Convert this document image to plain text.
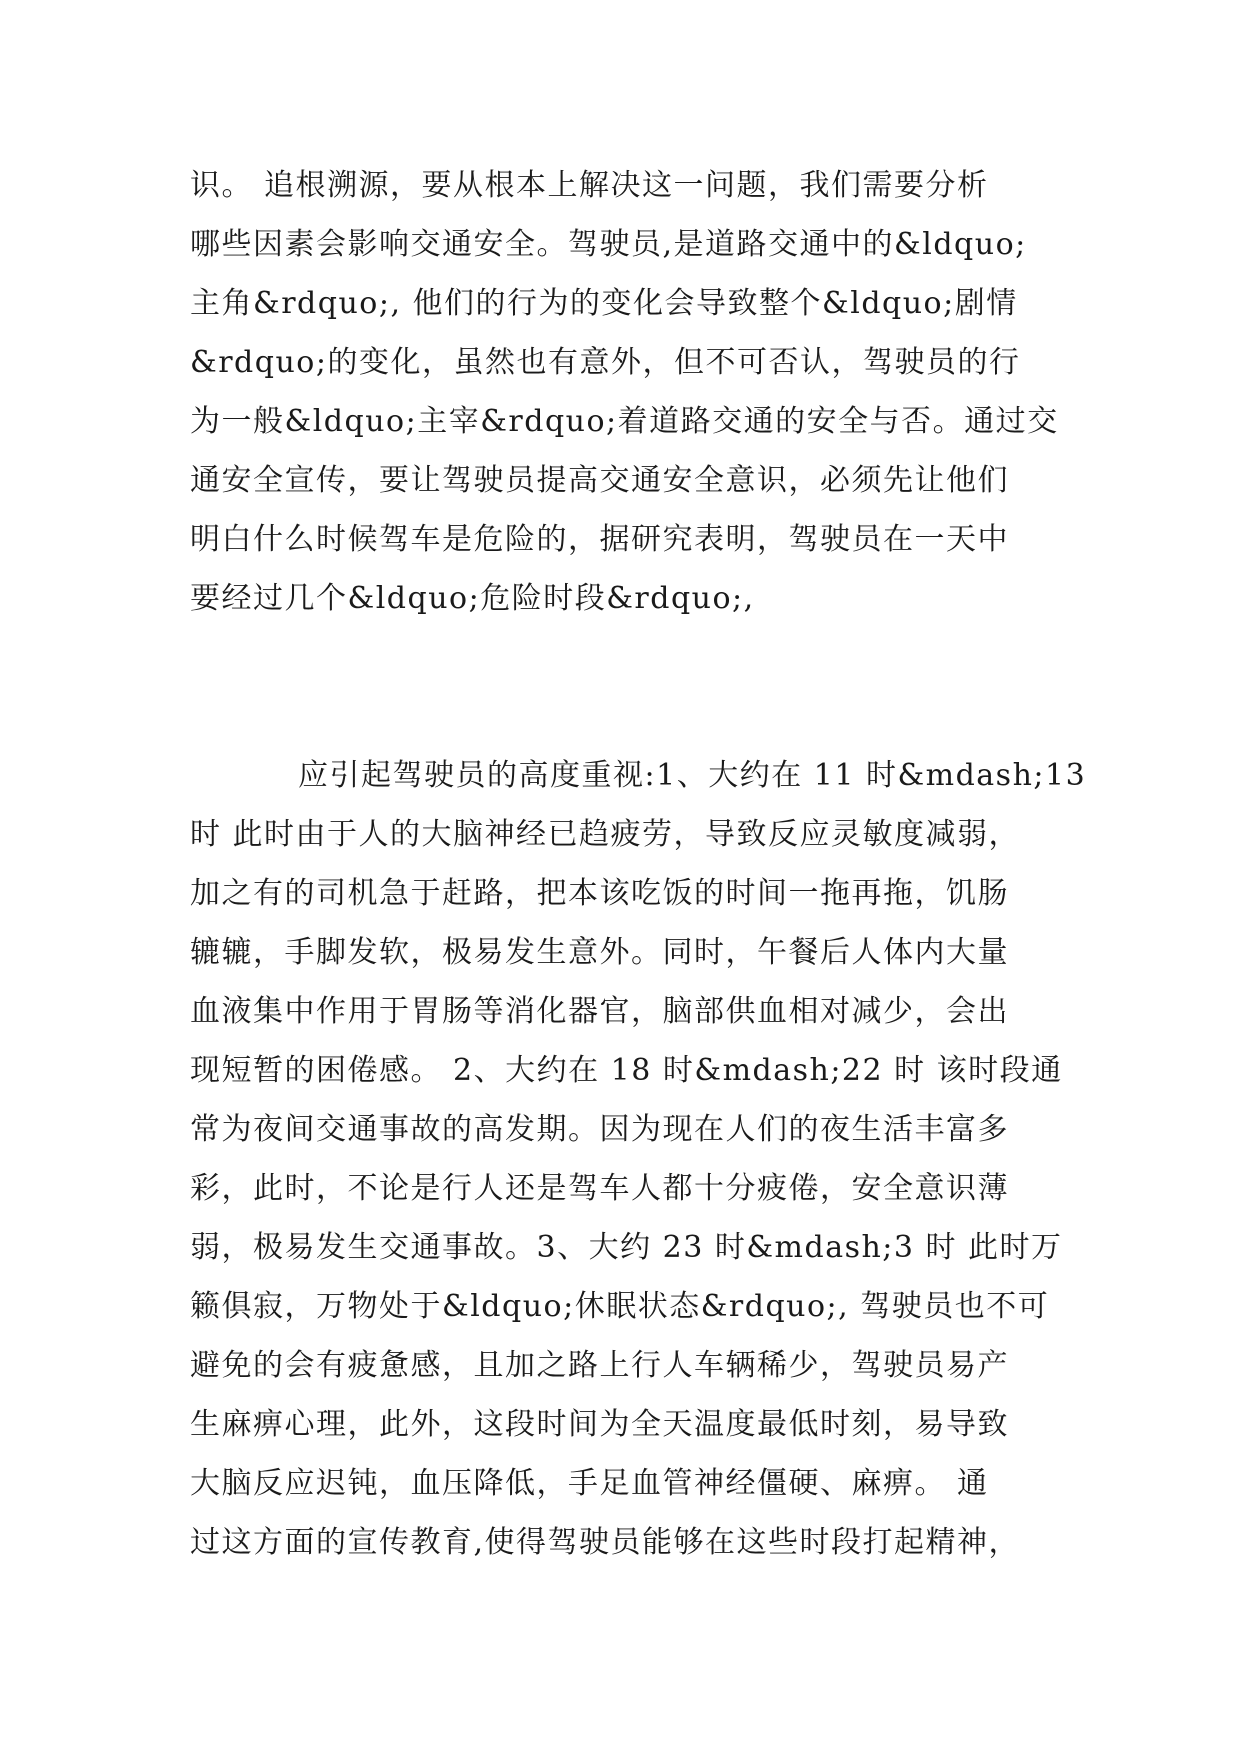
识。 追根溯源，要从根本上解决这一问题，我们需要分析
哪些因素会影响交通安全。驾驶员,是道路交通中的&ldquo;
主角&rdquo;, 他们的行为的变化会导致整个&ldquo;剧情
&rdquo;的变化，虽然也有意外，但不可否认，驾驶员的行
为一般&ldquo;主宰&rdquo;着道路交通的安全与否。通过交
通安全宣传，要让驾驶员提高交通安全意识，必须先让他们
明白什么时候驾车是危险的，据研究表明，驾驶员在一天中
要经过几个&ldquo;危险时段&rdquo;,
应引起驾驶员的高度重视:1、大约在 11 时&mdash;13
时 此时由于人的大脑神经已趋疲劳，导致反应灵敏度减弱，
加之有的司机急于赶路，把本该吃饭的时间一拖再拖，饥肠
辘辘，手脚发软，极易发生意外。同时，午餐后人体内大量
血液集中作用于胃肠等消化器官，脑部供血相对减少，会出
现短暂的困倦感。 2、大约在 18 时&mdash;22 时 该时段通
常为夜间交通事故的高发期。因为现在人们的夜生活丰富多
彩，此时，不论是行人还是驾车人都十分疲倦，安全意识薄
弱，极易发生交通事故。3、大约 23 时&mdash;3 时 此时万
籁俱寂，万物处于&ldquo;休眠状态&rdquo;, 驾驶员也不可
避免的会有疲惫感，且加之路上行人车辆稀少，驾驶员易产
生麻痹心理，此外，这段时间为全天温度最低时刻，易导致
大脑反应迟钝，血压降低，手足血管神经僵硬、麻痹。 通
过这方面的宣传教育,使得驾驶员能够在这些时段打起精神，
